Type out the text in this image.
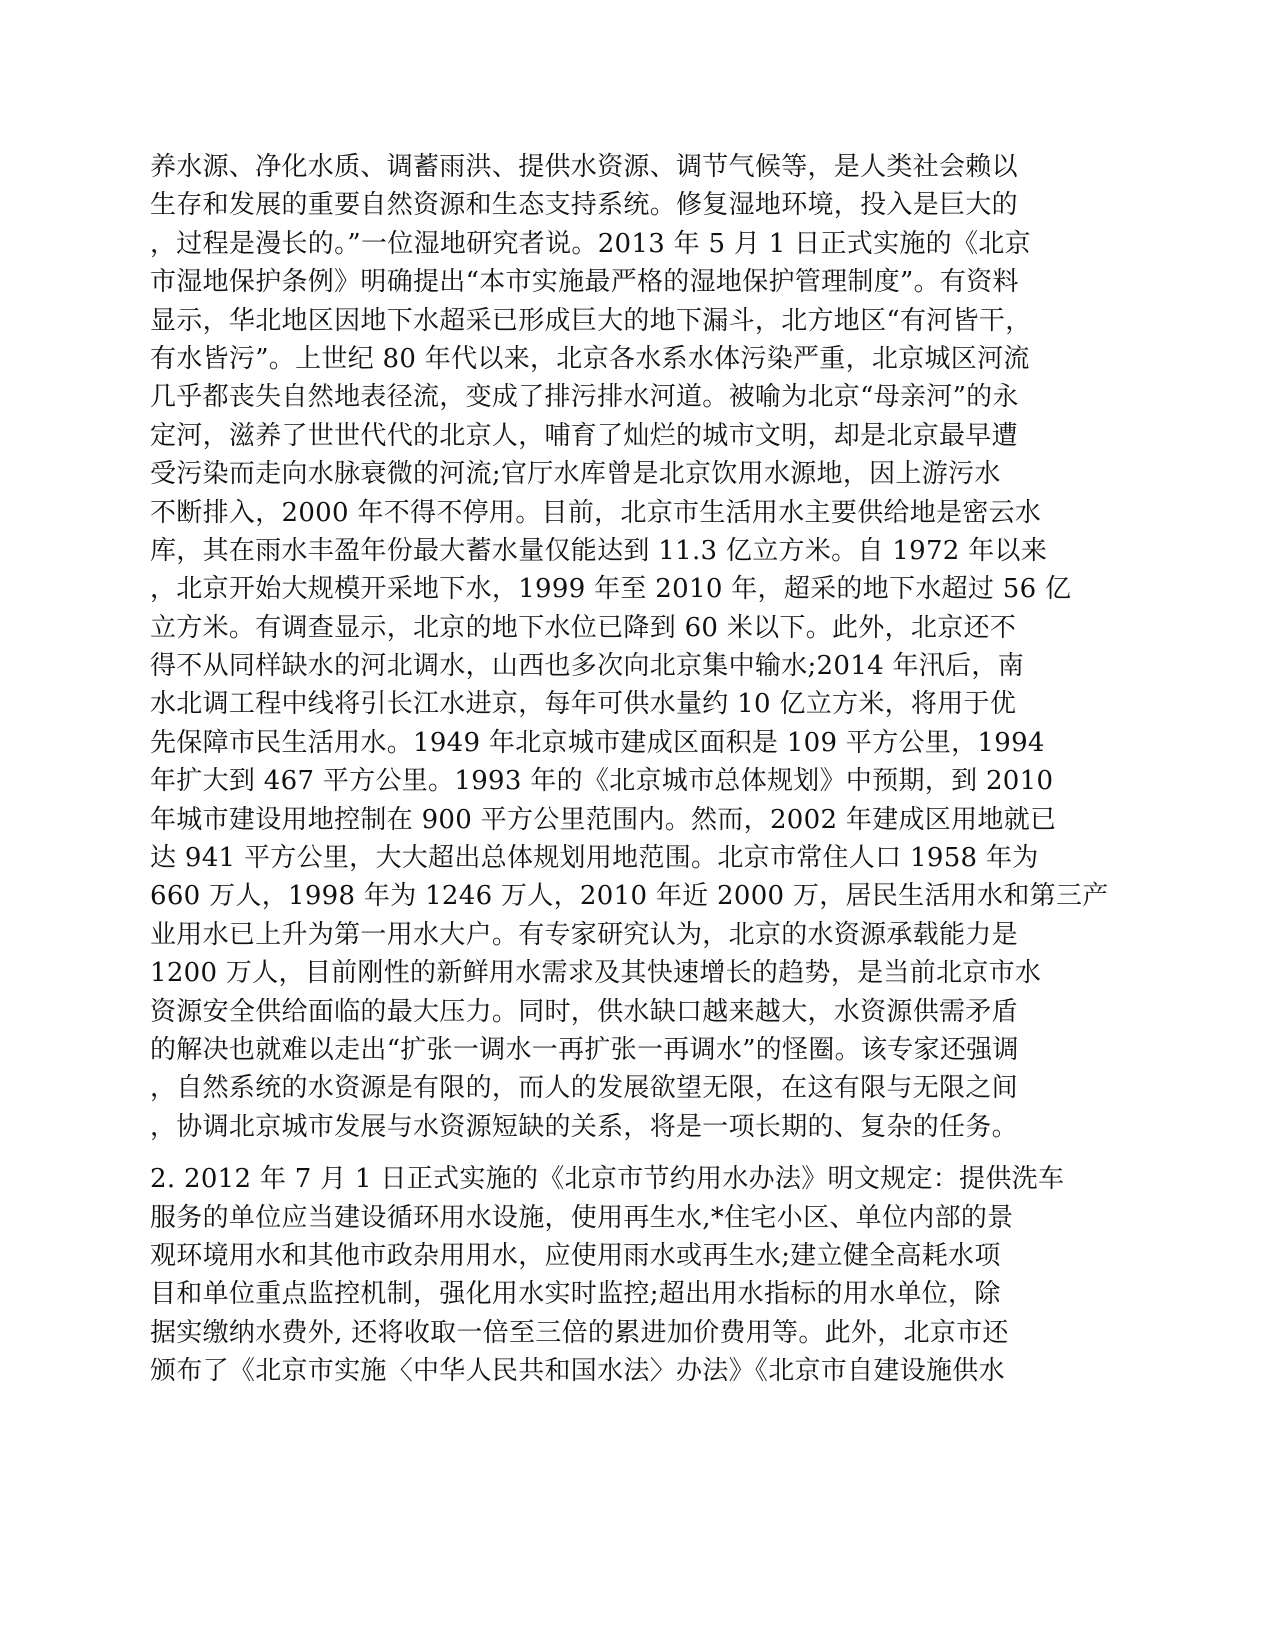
养水源、净化水质、调蓄雨洪、提供水资源、调节气候等，是人类社会赖以
生存和发展的重要自然资源和生态支持系统。修复湿地环境，投入是巨大的
，过程是漫长的。”一位湿地研究者说。2013 年 5 月 1 日正式实施的《北京
市湿地保护条例》明确提出“本市实施最严格的湿地保护管理制度”。有资料
显示，华北地区因地下水超采已形成巨大的地下漏斗，北方地区“有河皆干，
有水皆污”。上世纪 80 年代以来，北京各水系水体污染严重，北京城区河流
几乎都丧失自然地表径流，变成了排污排水河道。被喻为北京“母亲河”的永
定河，滋养了世世代代的北京人，哺育了灿烂的城市文明，却是北京最早遭
受污染而走向水脉衰微的河流;官厅水库曾是北京饮用水源地，因上游污水
不断排入，2000 年不得不停用。目前，北京市生活用水主要供给地是密云水
库，其在雨水丰盈年份最大蓄水量仅能达到 11.3 亿立方米。自 1972 年以来
，北京开始大规模开采地下水，1999 年至 2010 年，超采的地下水超过 56 亿
立方米。有调查显示，北京的地下水位已降到 60 米以下。此外，北京还不
得不从同样缺水的河北调水，山西也多次向北京集中输水;2014 年汛后，南
水北调工程中线将引长江水进京，每年可供水量约 10 亿立方米，将用于优
先保障市民生活用水。1949 年北京城市建成区面积是 109 平方公里，1994
年扩大到 467 平方公里。1993 年的《北京城市总体规划》中预期，到 2010
年城市建设用地控制在 900 平方公里范围内。然而，2002 年建成区用地就已
达 941 平方公里，大大超出总体规划用地范围。北京市常住人口 1958 年为
660 万人，1998 年为 1246 万人，2010 年近 2000 万，居民生活用水和第三产
业用水已上升为第一用水大户。有专家研究认为，北京的水资源承载能力是
1200 万人，目前刚性的新鲜用水需求及其快速增长的趋势，是当前北京市水
资源安全供给面临的最大压力。同时，供水缺口越来越大，水资源供需矛盾
的解决也就难以走出“扩张一调水一再扩张一再调水”的怪圈。该专家还强调
，自然系统的水资源是有限的，而人的发展欲望无限，在这有限与无限之间
，协调北京城市发展与水资源短缺的关系，将是一项长期的、复杂的任务。
2. 2012 年 7 月 1 日正式实施的《北京市节约用水办法》明文规定：提供洗车
服务的单位应当建设循环用水设施，使用再生水,*住宅小区、单位内部的景
观环境用水和其他市政杂用用水，应使用雨水或再生水;建立健全高耗水项
目和单位重点监控机制，强化用水实时监控;超出用水指标的用水单位，除
据实缴纳水费外, 还将收取一倍至三倍的累进加价费用等。此外，北京市还
颁布了《北京市实施〈中华人民共和国水法〉办法》《北京市自建设施供水
